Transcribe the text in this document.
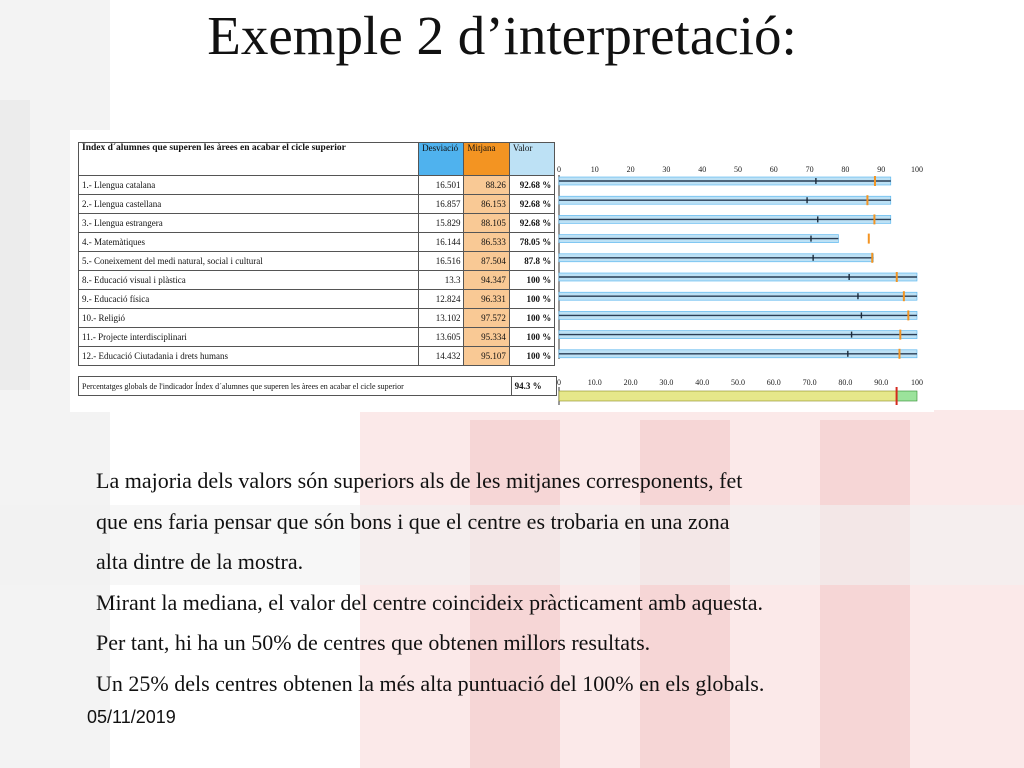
Exemple 2 d’interpretació:
Índex d´alumnes que superen les àrees en acabar el cicle superior	Desviació	Mitjana	Valor	
1.- Llengua catalana	16.501	88.26	92.68 %	
2.- Llengua castellana	16.857	86.153	92.68 %	
3.- Llengua estrangera	15.829	88.105	92.68 %	
4.- Matemàtiques	16.144	86.533	78.05 %	
5.- Coneixement del medi natural, social i cultural	16.516	87.504	87.8 %	
8.- Educació visual i plàstica	13.3	94.347	100 %	
9.- Educació física	12.824	96.331	100 %	
10.- Religió	13.102	97.572	100 %	
11.- Projecte interdisciplinari	13.605	95.334	100 %	
12.- Educació Ciutadania i drets humans	14.432	95.107	100 %	
Percentatges globals de l'indicador Índex d´alumnes que superen les àrees en acabar el cicle superior	94.3 %	
0	10	20	30	40	50	60	70	80	90	100
0	10.0	20.0	30.0	40.0	50.0	60.0	70.0	80.0	90.0	100
La majoria dels valors són superiors als de les mitjanes corresponents, fet
que ens faria pensar que són bons i que el centre es trobaria en una zona
alta dintre de la mostra.
Mirant la mediana, el valor del centre coincideix pràcticament amb aquesta.
Per tant, hi ha un 50% de centres que obtenen millors resultats.
Un 25% dels centres obtenen la més alta puntuació del 100% en els globals.
05/11/2019
